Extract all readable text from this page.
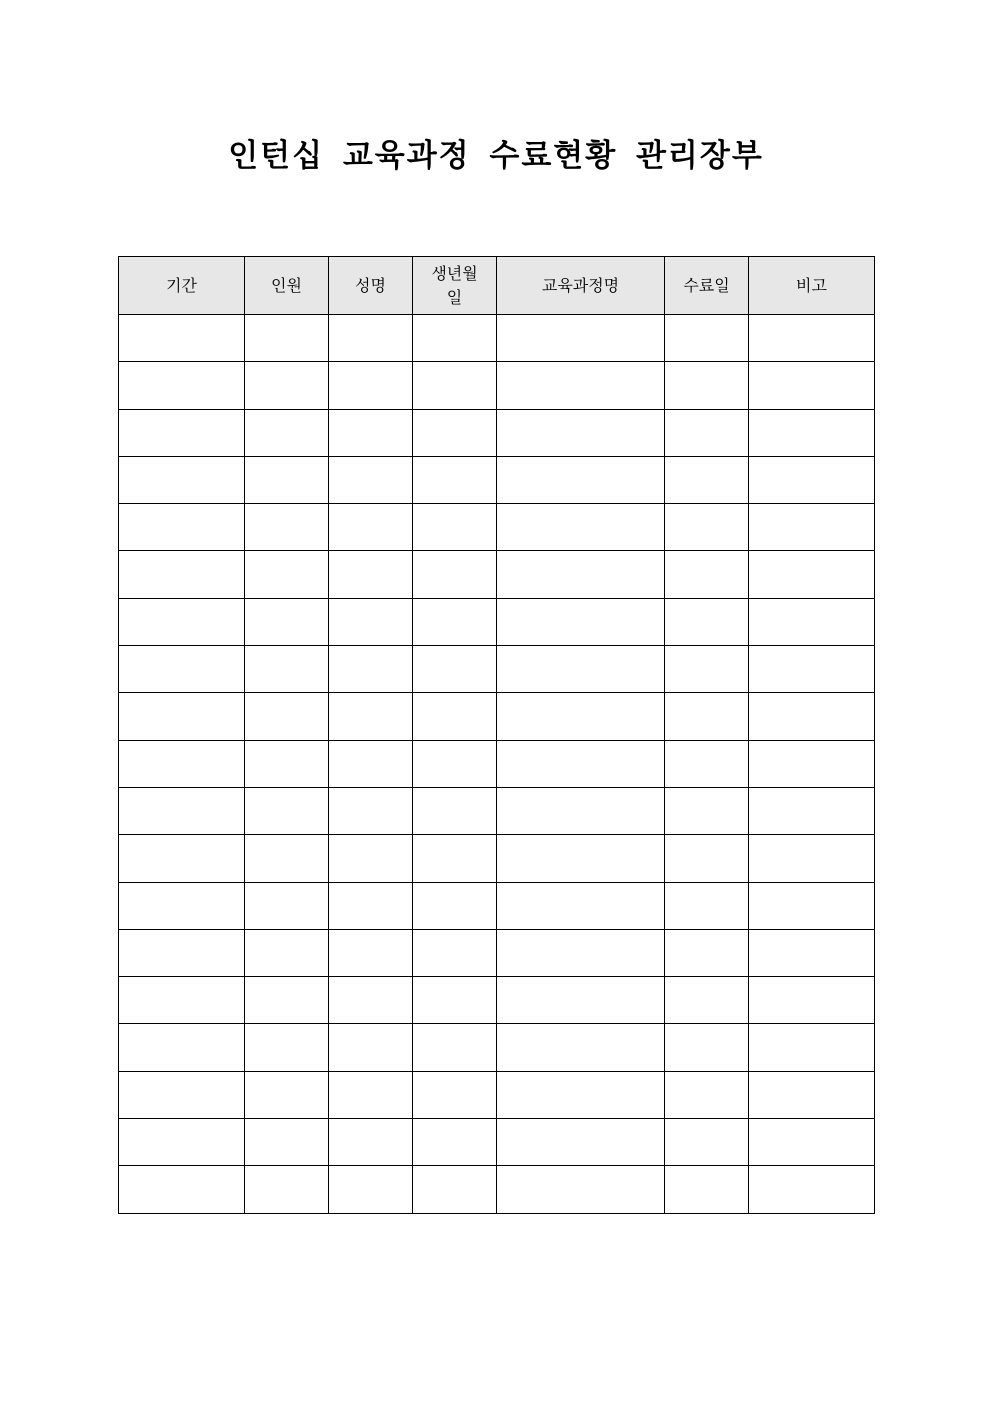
인턴십 교육과정 수료현황 관리장부
기간	인원	성명	생년월일	교육과정명	수료일	비고
